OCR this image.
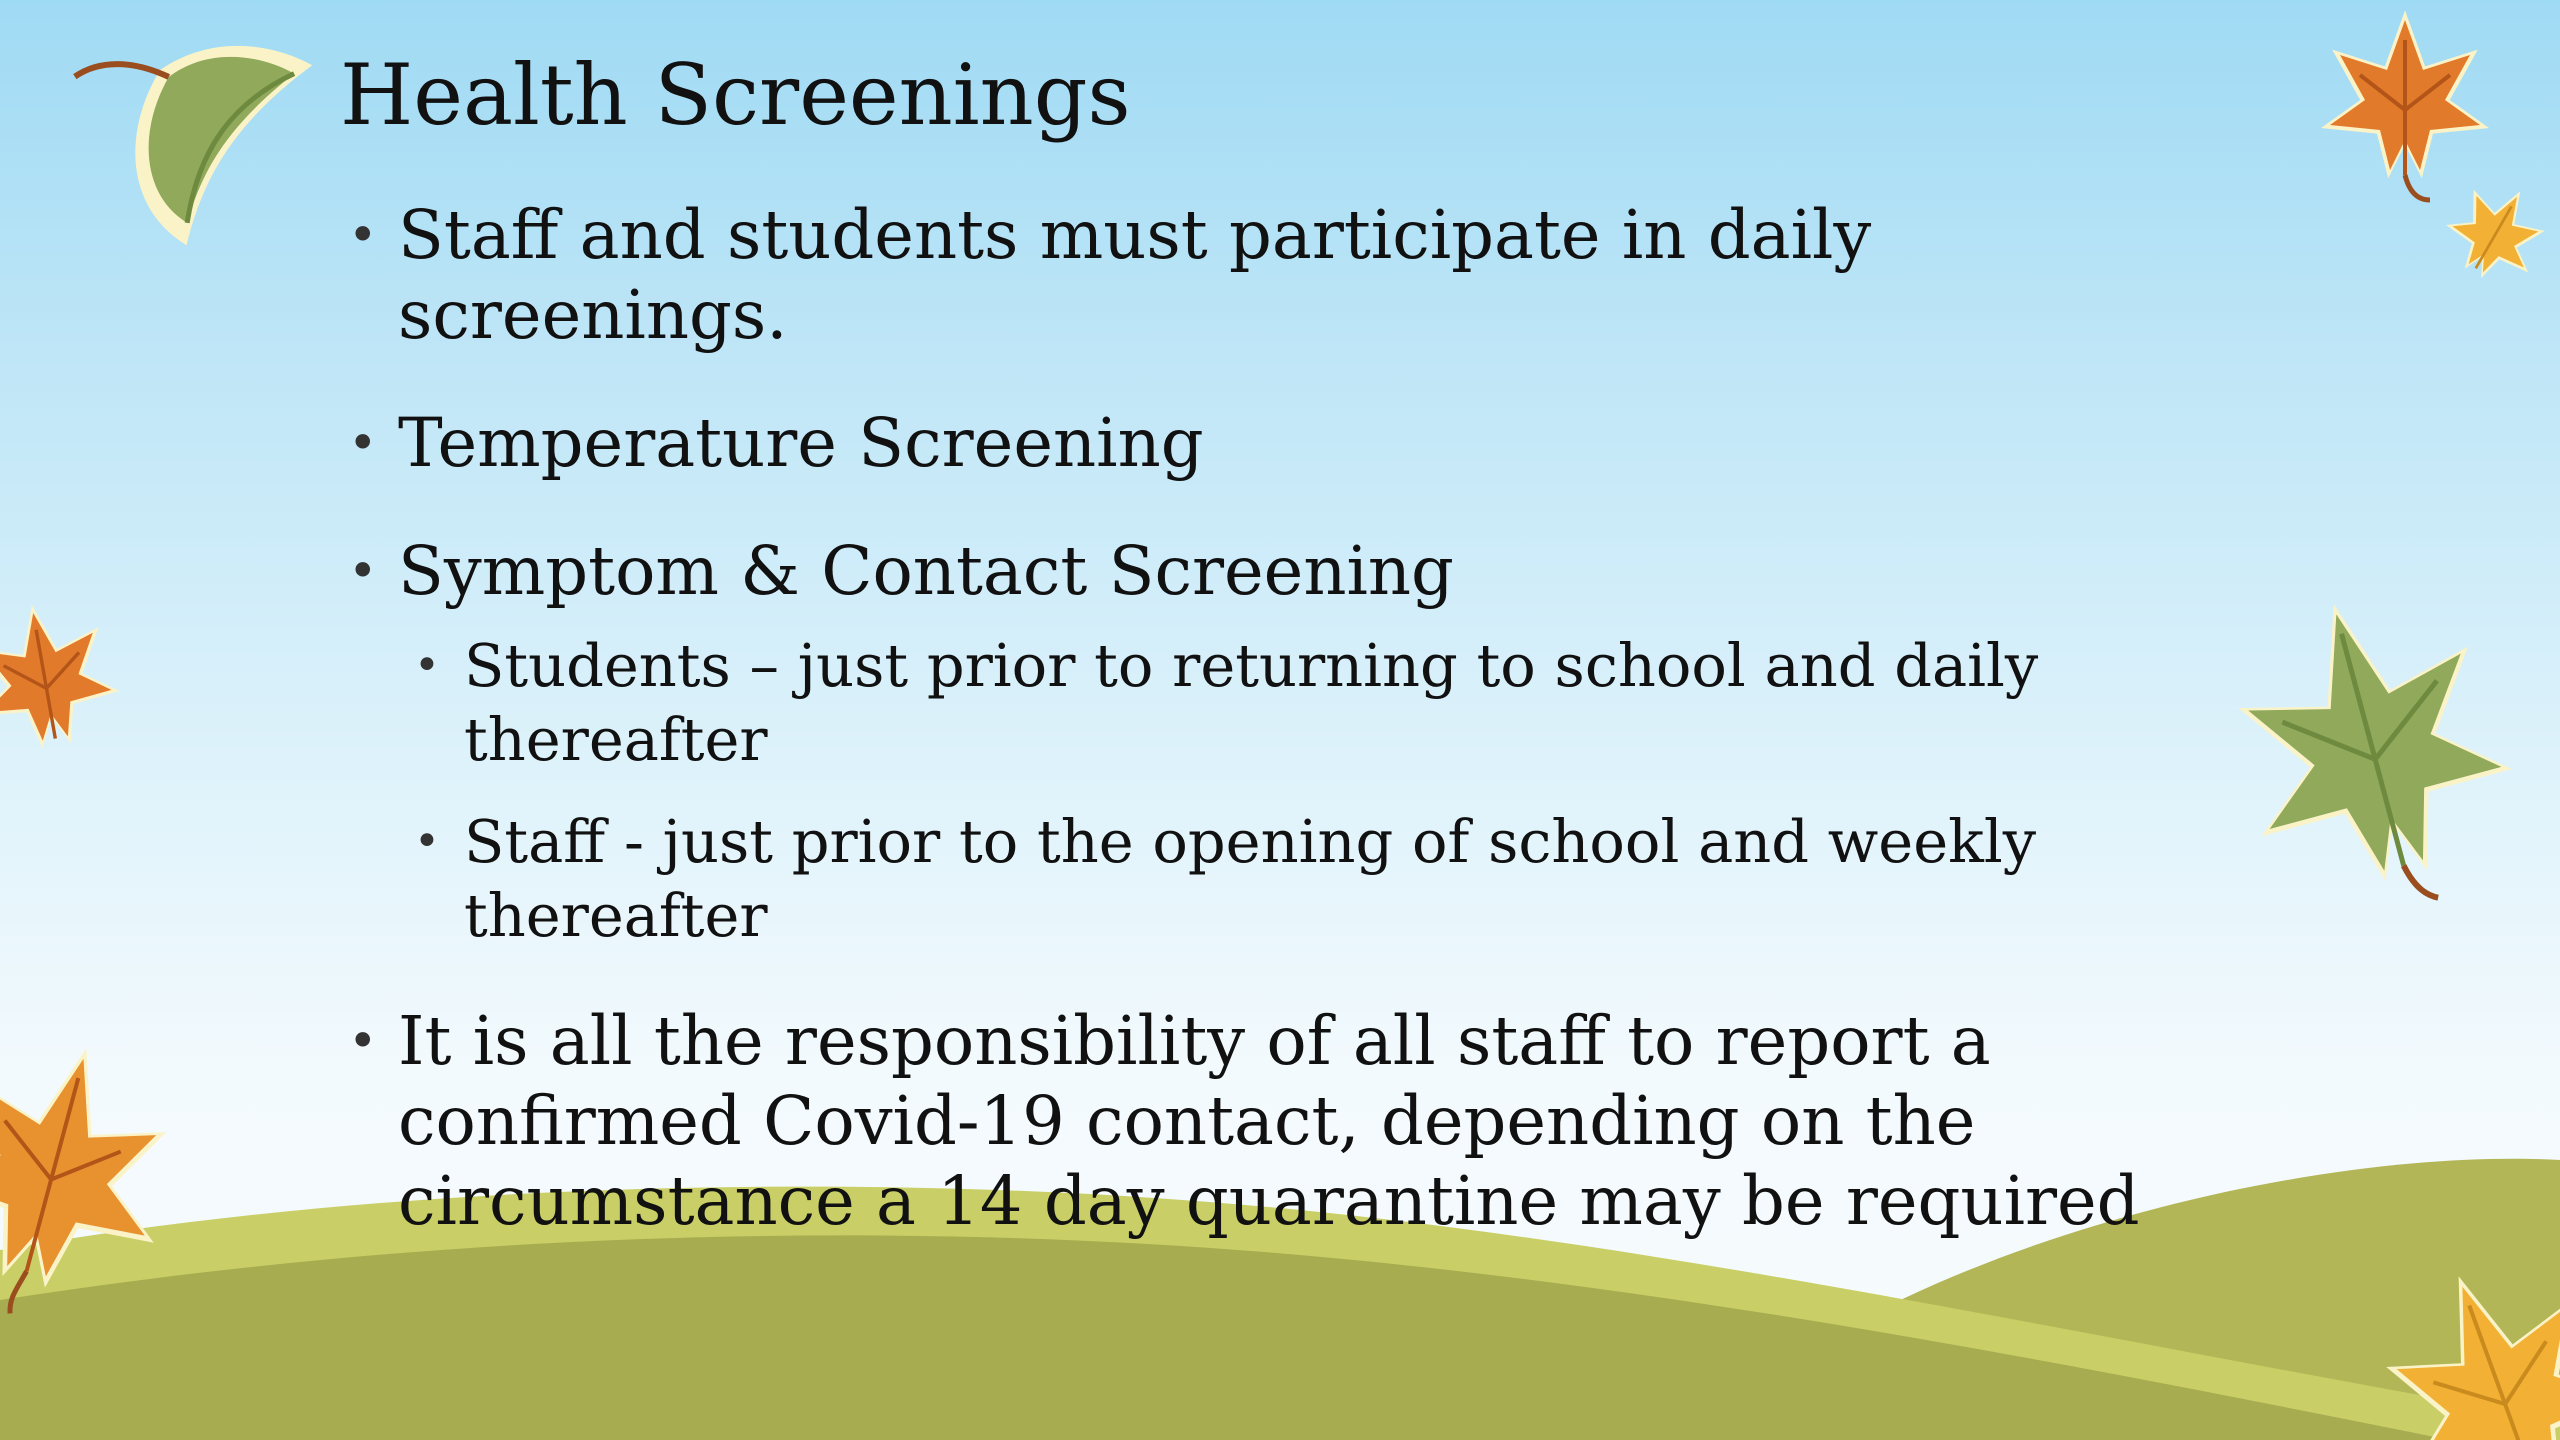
Health Screenings
• Staff and students must participate in daily screenings.
• Temperature Screening
• Symptom & Contact Screening
• Students – just prior to returning to school and daily thereafter
• Staff - just prior to the opening of school and weekly thereafter
• It is all the responsibility of all staff to report a confirmed Covid-19 contact, depending on the circumstance a 14 day quarantine may be required
